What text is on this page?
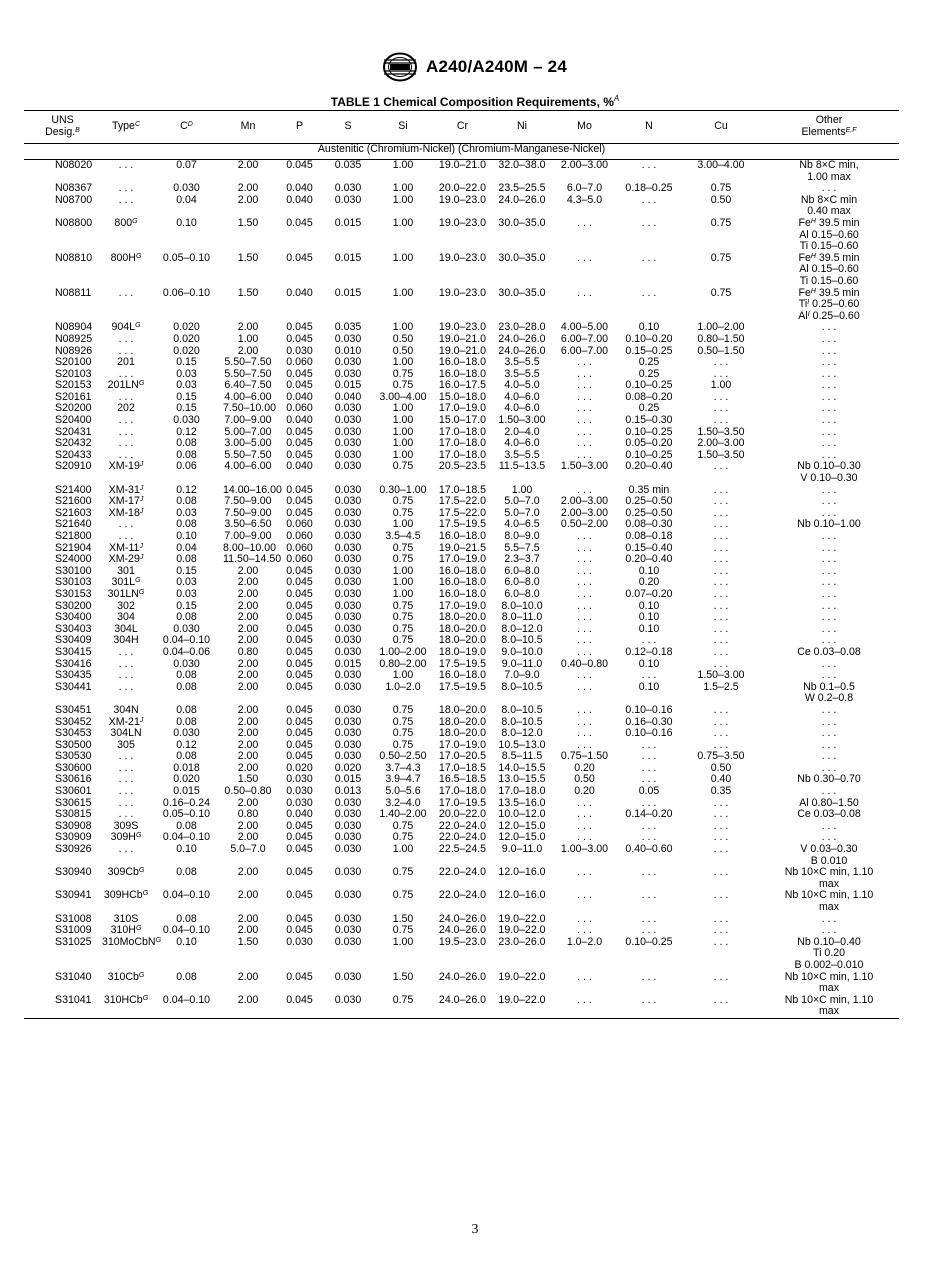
A240/A240M – 24
TABLE 1 Chemical Composition Requirements, %$^A$
UNS
Desig.$^B$	Type$^C$	$C^D$	Mn	P	S	Si	Cr	Ni	Mo	N	Cu	Other
Elements$^{E,F}$
Austenitic (Chromium-Nickel) (Chromium-Manganese-Nickel)												
N08020	. . .	0.07	2.00	0.045	0.035	1.00	19.0–21.0	32.0–38.0	2.00–3.00	. . .	3.00–4.00	Nb 8×C min,
1.00 max

N08367	. . .	0.030	2.00	0.040	0.030	1.00	20.0–22.0	23.5–25.5	6.0–7.0	0.18–0.25	0.75	. . .

N08700	. . .	0.04	2.00	0.040	0.030	1.00	19.0–23.0	24.0–26.0	4.3–5.0	. . .	0.50	Nb 8×C min
0.40 max

N08800	$800^G$	0.10	1.50	0.045	0.015	1.00	19.0–23.0	30.0–35.0	. . .	. . .	0.75	$Fe^H$ 39.5 min
Al 0.15–0.60
Ti 0.15–0.60

N08810	$800H^G$	0.05–0.10	1.50	0.045	0.015	1.00	19.0–23.0	30.0–35.0	. . .	. . .	0.75	$Fe^H$ 39.5 min
Al 0.15–0.60
Ti 0.15–0.60

N08811	. . .	0.06–0.10	1.50	0.040	0.015	1.00	19.0–23.0	30.0–35.0	. . .	. . .	0.75	$Fe^H$ 39.5 min
$Ti^I$ 0.25–0.60
$Al^I$ 0.25–0.60

N08904	$904L^G$	0.020	2.00	0.045	0.035	1.00	19.0–23.0	23.0–28.0	4.00–5.00	0.10	1.00–2.00	. . .

N08925	. . .	0.020	1.00	0.045	0.030	0.50	19.0–21.0	24.0–26.0	6.00–7.00	0.10–0.20	0.80–1.50	. . .

N08926	. . .	0.020	2.00	0.030	0.010	0.50	19.0–21.0	24.0–26.0	6.00–7.00	0.15–0.25	0.50–1.50	. . .

S20100	201	0.15	5.50–7.50	0.060	0.030	1.00	16.0–18.0	3.5–5.5	. . .	0.25	. . .	. . .

S20103	. . .	0.03	5.50–7.50	0.045	0.030	0.75	16.0–18.0	3.5–5.5	. . .	0.25	. . .	. . .

S20153	$201LN^G$	0.03	6.40–7.50	0.045	0.015	0.75	16.0–17.5	4.0–5.0	. . .	0.10–0.25	1.00	. . .

S20161	. . .	0.15	4.00–6.00	0.040	0.040	3.00–4.00	15.0–18.0	4.0–6.0	. . .	0.08–0.20	. . .	. . .

S20200	202	0.15	7.50–10.00	0.060	0.030	1.00	17.0–19.0	4.0–6.0	. . .	0.25	. . .	. . .

S20400	. . .	0.030	7.00–9.00	0.040	0.030	1.00	15.0–17.0	1.50–3.00	. . .	0.15–0.30	. . .	. . .

S20431	. . .	0.12	5.00–7.00	0.045	0.030	1.00	17.0–18.0	2.0–4.0	. . .	0.10–0.25	1.50–3.50	. . .

S20432	. . .	0.08	3.00–5.00	0.045	0.030	1.00	17.0–18.0	4.0–6.0	. . .	0.05–0.20	2.00–3.00	. . .

S20433	. . .	0.08	5.50–7.50	0.045	0.030	1.00	17.0–18.0	3.5–5.5	. . .	0.10–0.25	1.50–3.50	. . .

S20910	$XM-19^J$	0.06	4.00–6.00	0.040	0.030	0.75	20.5–23.5	11.5–13.5	1.50–3.00	0.20–0.40	. . .	Nb 0.10–0.30
V 0.10–0.30

S21400	$XM-31^J$	0.12	14.00–16.00	0.045	0.030	0.30–1.00	17.0–18.5	1.00	. . .	0.35 min	. . .	. . .

S21600	$XM-17^J$	0.08	7.50–9.00	0.045	0.030	0.75	17.5–22.0	5.0–7.0	2.00–3.00	0.25–0.50	. . .	. . .

S21603	$XM-18^J$	0.03	7.50–9.00	0.045	0.030	0.75	17.5–22.0	5.0–7.0	2.00–3.00	0.25–0.50	. . .	. . .

S21640	. . .	0.08	3.50–6.50	0.060	0.030	1.00	17.5–19.5	4.0–6.5	0.50–2.00	0.08–0.30	. . .	Nb 0.10–1.00

S21800	. . .	0.10	7.00–9.00	0.060	0.030	3.5–4.5	16.0–18.0	8.0–9.0	. . .	0.08–0.18	. . .	. . .

S21904	$XM-11^J$	0.04	8.00–10.00	0.060	0.030	0.75	19.0–21.5	5.5–7.5	. . .	0.15–0.40	. . .	. . .

S24000	$XM-29^J$	0.08	11.50–14.50	0.060	0.030	0.75	17.0–19.0	2.3–3.7	. . .	0.20–0.40	. . .	. . .

S30100	301	0.15	2.00	0.045	0.030	1.00	16.0–18.0	6.0–8.0	. . .	0.10	. . .	. . .

S30103	$301L^G$	0.03	2.00	0.045	0.030	1.00	16.0–18.0	6.0–8.0	. . .	0.20	. . .	. . .

S30153	$301LN^G$	0.03	2.00	0.045	0.030	1.00	16.0–18.0	6.0–8.0	. . .	0.07–0.20	. . .	. . .

S30200	302	0.15	2.00	0.045	0.030	0.75	17.0–19.0	8.0–10.0	. . .	0.10	. . .	. . .

S30400	304	0.08	2.00	0.045	0.030	0.75	18.0–20.0	8.0–11.0	. . .	0.10	. . .	. . .

S30403	304L	0.030	2.00	0.045	0.030	0.75	18.0–20.0	8.0–12.0	. . .	0.10	. . .	. . .

S30409	304H	0.04–0.10	2.00	0.045	0.030	0.75	18.0–20.0	8.0–10.5	. . .	. . .	. . .	. . .

S30415	. . .	0.04–0.06	0.80	0.045	0.030	1.00–2.00	18.0–19.0	9.0–10.0	. . .	0.12–0.18	. . .	Ce 0.03–0.08

S30416	. . .	0.030	2.00	0.045	0.015	0.80–2.00	17.5–19.5	9.0–11.0	0.40–0.80	0.10	. . .	. . .

S30435	. . .	0.08	2.00	0.045	0.030	1.00	16.0–18.0	7.0–9.0	. . .	. . .	1.50–3.00	. . .

S30441	. . .	0.08	2.00	0.045	0.030	1.0–2.0	17.5–19.5	8.0–10.5	. . .	0.10	1.5–2.5	Nb 0.1–0.5
W 0.2–0.8

S30451	304N	0.08	2.00	0.045	0.030	0.75	18.0–20.0	8.0–10.5	. . .	0.10–0.16	. . .	. . .

S30452	$XM-21^J$	0.08	2.00	0.045	0.030	0.75	18.0–20.0	8.0–10.5	. . .	0.16–0.30	. . .	. . .

S30453	304LN	0.030	2.00	0.045	0.030	0.75	18.0–20.0	8.0–12.0	. . .	0.10–0.16	. . .	. . .

S30500	305	0.12	2.00	0.045	0.030	0.75	17.0–19.0	10.5–13.0	. . .	. . .	. . .	. . .

S30530	. . .	0.08	2.00	0.045	0.030	0.50–2.50	17.0–20.5	8.5–11.5	0.75–1.50	. . .	0.75–3.50	. . .

S30600	. . .	0.018	2.00	0.020	0.020	3.7–4.3	17.0–18.5	14.0–15.5	0.20	. . .	0.50	. . .

S30616	. . .	0.020	1.50	0.030	0.015	3.9–4.7	16.5–18.5	13.0–15.5	0.50	. . .	0.40	Nb 0.30–0.70

S30601	. . .	0.015	0.50–0.80	0.030	0.013	5.0–5.6	17.0–18.0	17.0–18.0	0.20	0.05	0.35	. . .

S30615	. . .	0.16–0.24	2.00	0.030	0.030	3.2–4.0	17.0–19.5	13.5–16.0	. . .	. . .	. . .	Al 0.80–1.50

S30815	. . .	0.05–0.10	0.80	0.040	0.030	1.40–2.00	20.0–22.0	10.0–12.0	. . .	0.14–0.20	. . .	Ce 0.03–0.08

S30908	309S	0.08	2.00	0.045	0.030	0.75	22.0–24.0	12.0–15.0	. . .	. . .	. . .	. . .

S30909	$309H^G$	0.04–0.10	2.00	0.045	0.030	0.75	22.0–24.0	12.0–15.0	. . .	. . .	. . .	. . .

S30926	. . .	0.10	5.0–7.0	0.045	0.030	1.00	22.5–24.5	9.0–11.0	1.00–3.00	0.40–0.60	. . .	V 0.03–0.30
B 0.010

S30940	$309Cb^G$	0.08	2.00	0.045	0.030	0.75	22.0–24.0	12.0–16.0	. . .	. . .	. . .	Nb 10×C min, 1.10
max

S30941	309HCb$^G$	0.04–0.10	2.00	0.045	0.030	0.75	22.0–24.0	12.0–16.0	. . .	. . .	. . .	Nb 10×C min, 1.10
max

S31008	310S	0.08	2.00	0.045	0.030	1.50	24.0–26.0	19.0–22.0	. . .	. . .	. . .	. . .

S31009	$310H^G$	0.04–0.10	2.00	0.045	0.030	0.75	24.0–26.0	19.0–22.0	. . .	. . .	. . .	. . .

S31025	310MoCbN$^G$	0.10	1.50	0.030	0.030	1.00	19.5–23.0	23.0–26.0	1.0–2.0	0.10–0.25	. . .	Nb 0.10–0.40
Ti 0.20
B 0.002–0.010

S31040	$310Cb^G$	0.08	2.00	0.045	0.030	1.50	24.0–26.0	19.0–22.0	. . .	. . .	. . .	Nb 10×C min, 1.10
max

S31041	310HCb$^G$	0.04–0.10	2.00	0.045	0.030	0.75	24.0–26.0	19.0–22.0	. . .	. . .	. . .	Nb 10×C min, 1.10
max
3
